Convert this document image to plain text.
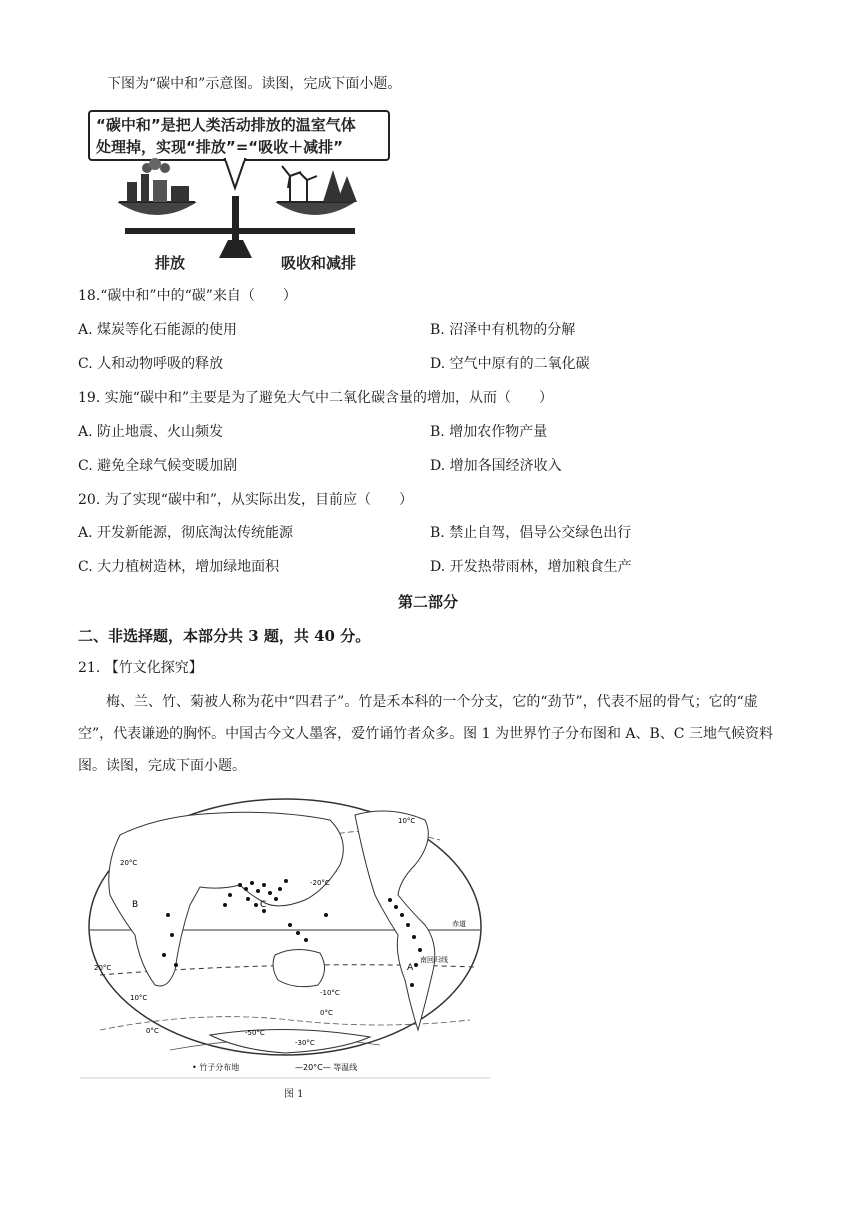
下图为“碳中和”示意图。读图，完成下面小题。
“碳中和”是把人类活动排放的温室气体
处理掉，实现“排放”=“吸收＋减排”
排放	吸收和减排
18.“碳中和”中的“碳”来自（　　）
A. 煤炭等化石能源的使用	B. 沼泽中有机物的分解
C. 人和动物呼吸的释放	D. 空气中原有的二氧化碳
19. 实施“碳中和”主要是为了避免大气中二氧化碳含量的增加，从而（　　）
A. 防止地震、火山频发	B. 增加农作物产量
C. 避免全球气候变暖加剧	D. 增加各国经济收入
20. 为了实现“碳中和”，从实际出发，目前应（　　）
A. 开发新能源，彻底淘汰传统能源	B. 禁止自驾，倡导公交绿色出行
C. 大力植树造林，增加绿地面积	D. 开发热带雨林，增加粮食生产
第二部分
二、非选择题，本部分共 3 题，共 40 分。
21. 【竹文化探究】
梅、兰、竹、菊被人称为花中“四君子”。竹是禾本科的一个分支，它的“劲节”，代表不屈的骨气；它的“虚空”，代表谦逊的胸怀。中国古今文人墨客，爱竹诵竹者众多。图 1 为世界竹子分布图和 A、B、C 三地气候资料图。读图，完成下面小题。
A
B	C
赤道
南回归线
10°C
20°C
-20°C
20°C
-10°C
10°C
0°C
0°C
-30°C
-50°C
• 竹子分布地	—20°C— 等温线
图 1
